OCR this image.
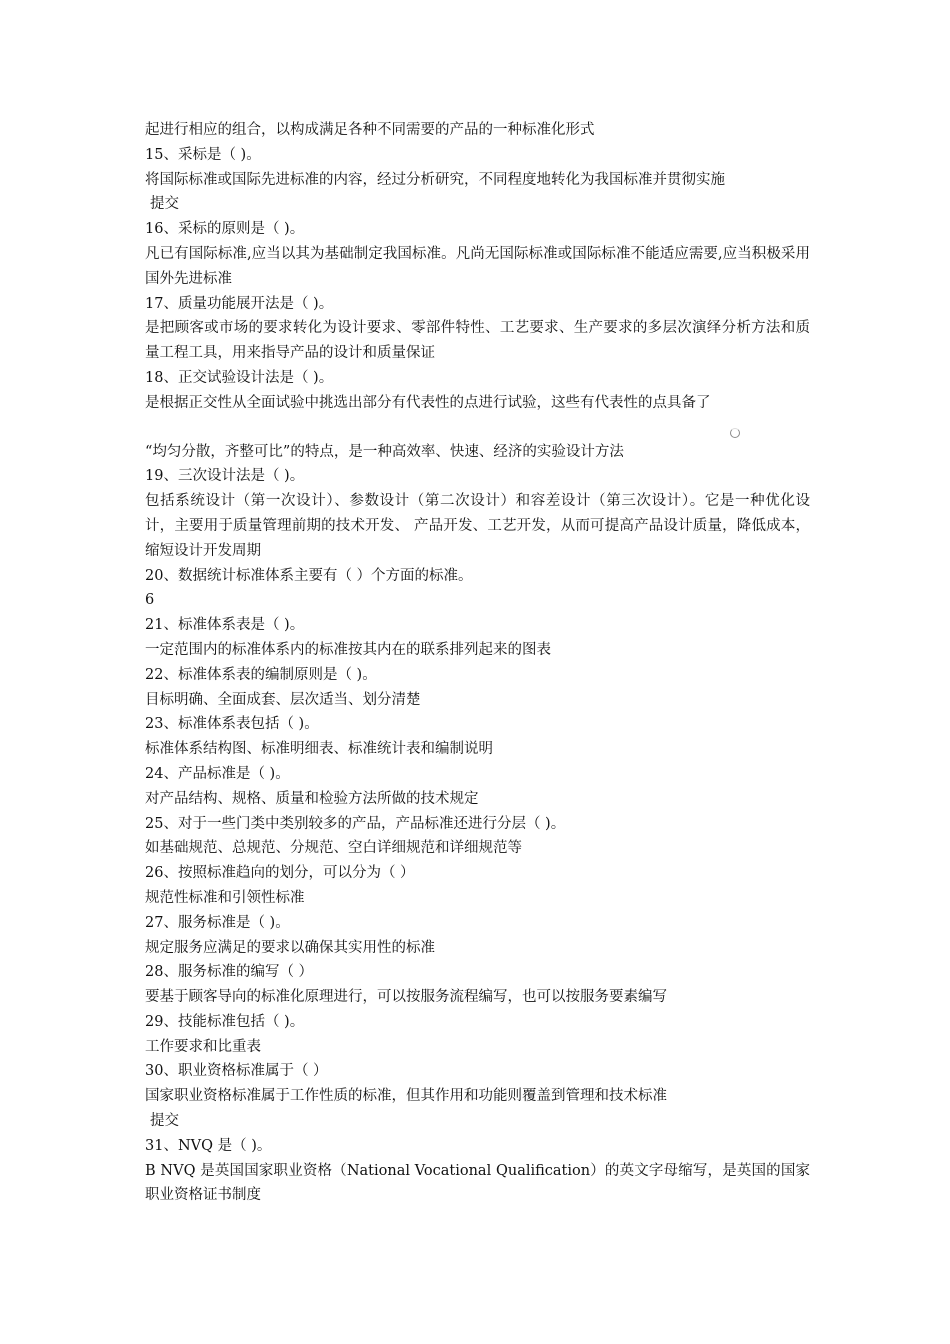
起进行相应的组合，以构成满足各种不同需要的产品的一种标准化形式
15、采标是（ )。
将国际标准或国际先进标准的内容，经过分析研究，不同程度地转化为我国标准并贯彻实施
提交
16、采标的原则是（ )。
凡已有国际标准,应当以其为基础制定我国标准。凡尚无国际标准或国际标准不能适应需要,应当积极采用国外先进标准
17、质量功能展开法是（ )。
是把顾客或市场的要求转化为设计要求、零部件特性、工艺要求、生产要求的多层次演绎分析方法和质量工程工具，用来指导产品的设计和质量保证
18、正交试验设计法是（ )。
是根据正交性从全面试验中挑选出部分有代表性的点进行试验，这些有代表性的点具备了
“均匀分散，齐整可比”的特点，是一种高效率、快速、经济的实验设计方法
19、三次设计法是（ )。
包括系统设计（第一次设计）、参数设计（第二次设计）和容差设计（第三次设计）。它是一种优化设计，主要用于质量管理前期的技术开发、 产品开发、工艺开发，从而可提高产品设计质量，降低成本，缩短设计开发周期
20、数据统计标准体系主要有（ ）个方面的标准。
6
21、标准体系表是（ )。
一定范围内的标准体系内的标准按其内在的联系排列起来的图表
22、标准体系表的编制原则是（ )。
目标明确、全面成套、层次适当、划分清楚
23、标准体系表包括（ )。
标准体系结构图、标准明细表、标准统计表和编制说明
24、产品标准是（ )。
对产品结构、规格、质量和检验方法所做的技术规定
25、对于一些门类中类别较多的产品，产品标准还进行分层（ )。
如基础规范、总规范、分规范、空白详细规范和详细规范等
26、按照标准趋向的划分，可以分为（ ）
规范性标准和引领性标准
27、服务标准是（ )。
规定服务应满足的要求以确保其实用性的标准
28、服务标准的编写（ ）
要基于顾客导向的标准化原理进行，可以按服务流程编写，也可以按服务要素编写
29、技能标准包括（ )。
工作要求和比重表
30、职业资格标准属于（ ）
国家职业资格标准属于工作性质的标准，但其作用和功能则覆盖到管理和技术标准
提交
31、NVQ 是（ )。
B NVQ 是英国国家职业资格（National Vocational Qualification）的英文字母缩写，是英国的国家职业资格证书制度
